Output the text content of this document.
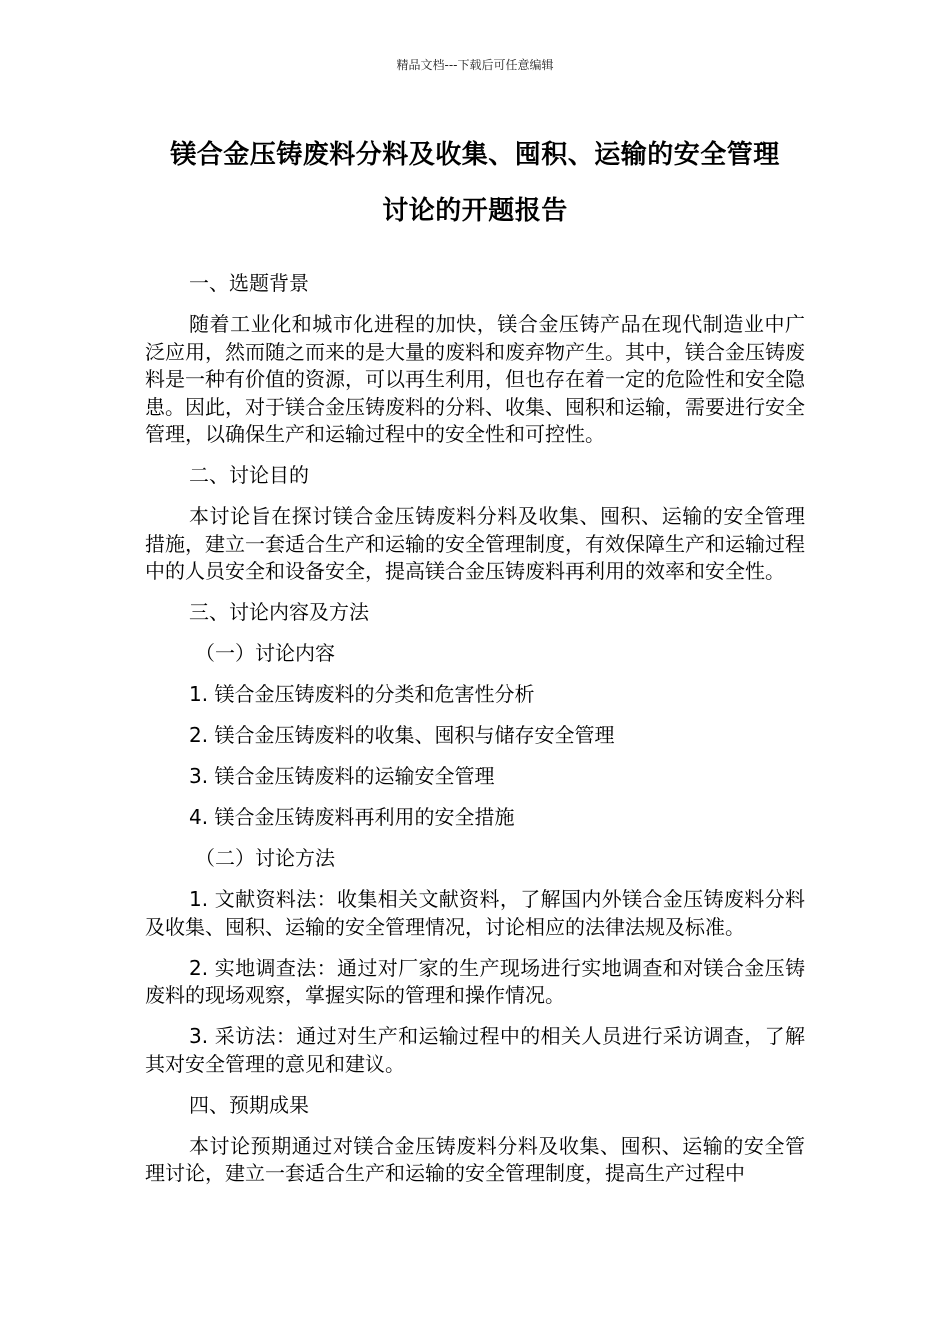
精品文档---下载后可任意编辑
镁合金压铸废料分料及收集、囤积、运输的安全管理
讨论的开题报告

一、选题背景

随着工业化和城市化进程的加快，镁合金压铸产品在现代制造业中广泛应用，然而随之而来的是大量的废料和废弃物产生。其中，镁合金压铸废料是一种有价值的资源，可以再生利用，但也存在着一定的危险性和安全隐患。因此，对于镁合金压铸废料的分料、收集、囤积和运输，需要进行安全管理，以确保生产和运输过程中的安全性和可控性。

二、讨论目的

本讨论旨在探讨镁合金压铸废料分料及收集、囤积、运输的安全管理措施，建立一套适合生产和运输的安全管理制度，有效保障生产和运输过程中的人员安全和设备安全，提高镁合金压铸废料再利用的效率和安全性。

三、讨论内容及方法

（一）讨论内容

1. 镁合金压铸废料的分类和危害性分析

2. 镁合金压铸废料的收集、囤积与储存安全管理

3. 镁合金压铸废料的运输安全管理

4. 镁合金压铸废料再利用的安全措施

（二）讨论方法

1. 文献资料法：收集相关文献资料，了解国内外镁合金压铸废料分料及收集、囤积、运输的安全管理情况，讨论相应的法律法规及标准。

2. 实地调查法：通过对厂家的生产现场进行实地调查和对镁合金压铸废料的现场观察，掌握实际的管理和操作情况。

3. 采访法：通过对生产和运输过程中的相关人员进行采访调查，了解其对安全管理的意见和建议。

四、预期成果

本讨论预期通过对镁合金压铸废料分料及收集、囤积、运输的安全管理讨论，建立一套适合生产和运输的安全管理制度，提高生产过程中
